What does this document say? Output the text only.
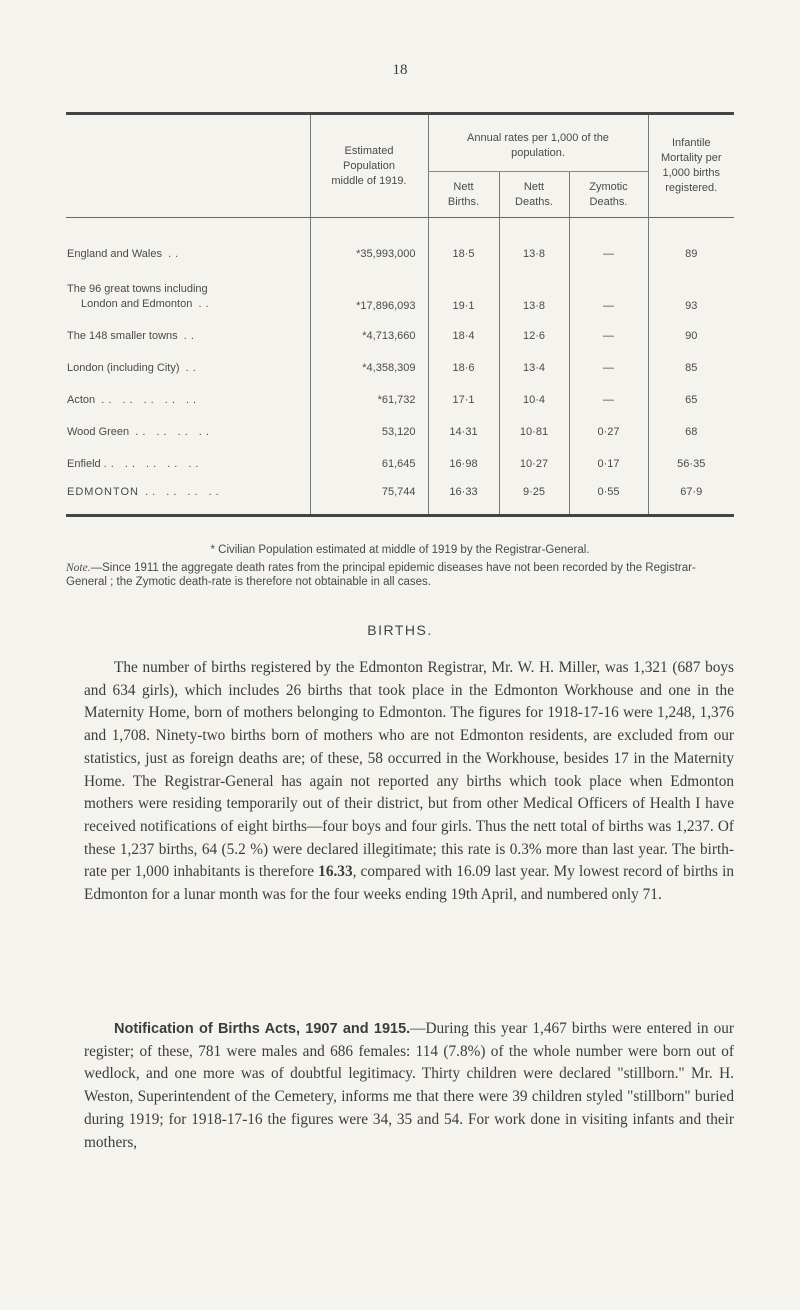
18
	Estimated Population middle of 1919.	Annual rates per 1,000 of the population.			Infantile Mortality per 1,000 births registered.
		Nett Births.	Nett Deaths.	Zymotic Deaths.	

England and Wales ..	*35,993,000	18·5	13·8	—	89
The 96 great towns including
London and Edmonton ..	*17,896,093	19·1	13·8	—	93
The 148 smaller towns ..	*4,713,660	18·4	12·6	—	90
London (including City) ..	*4,358,309	18·6	13·4	—	85
Acton .. .. .. .. ..	*61,732	17·1	10·4	—	65
Wood Green .. .. .. ..	53,120	14·31	10·81	0·27	68
Enfield .. .. .. .. ..	61,645	16·98	10·27	0·17	56·35
EDMONTON .. .. .. ..	75,744	16·33	9·25	0·55	67·9
* Civilian Population estimated at middle of 1919 by the Registrar-General.
Note.—Since 1911 the aggregate death rates from the principal epidemic diseases have not been recorded by the Registrar-General ; the Zymotic death-rate is therefore not obtainable in all cases.
BIRTHS.
The number of births registered by the Edmonton Registrar, Mr. W. H. Miller, was 1,321 (687 boys and 634 girls), which includes 26 births that took place in the Edmonton Workhouse and one in the Maternity Home, born of mothers belonging to Edmonton. The figures for 1918-17-16 were 1,248, 1,376 and 1,708. Ninety-two births born of mothers who are not Edmonton residents, are excluded from our statistics, just as foreign deaths are; of these, 58 occurred in the Workhouse, besides 17 in the Maternity Home. The Registrar-General has again not reported any births which took place when Edmonton mothers were residing temporarily out of their district, but from other Medical Officers of Health I have received notifications of eight births—four boys and four girls. Thus the nett total of births was 1,237. Of these 1,237 births, 64 (5.2 %) were declared illegitimate; this rate is 0.3% more than last year. The birth-rate per 1,000 inhabitants is therefore 16.33, compared with 16.09 last year. My lowest record of births in Edmonton for a lunar month was for the four weeks ending 19th April, and numbered only 71.
Notification of Births Acts, 1907 and 1915.—During this year 1,467 births were entered in our register; of these, 781 were males and 686 females: 114 (7.8%) of the whole number were born out of wedlock, and one more was of doubtful legitimacy. Thirty children were declared "stillborn." Mr. H. Weston, Superintendent of the Cemetery, informs me that there were 39 children styled "stillborn" buried during 1919; for 1918-17-16 the figures were 34, 35 and 54. For work done in visiting infants and their mothers,
